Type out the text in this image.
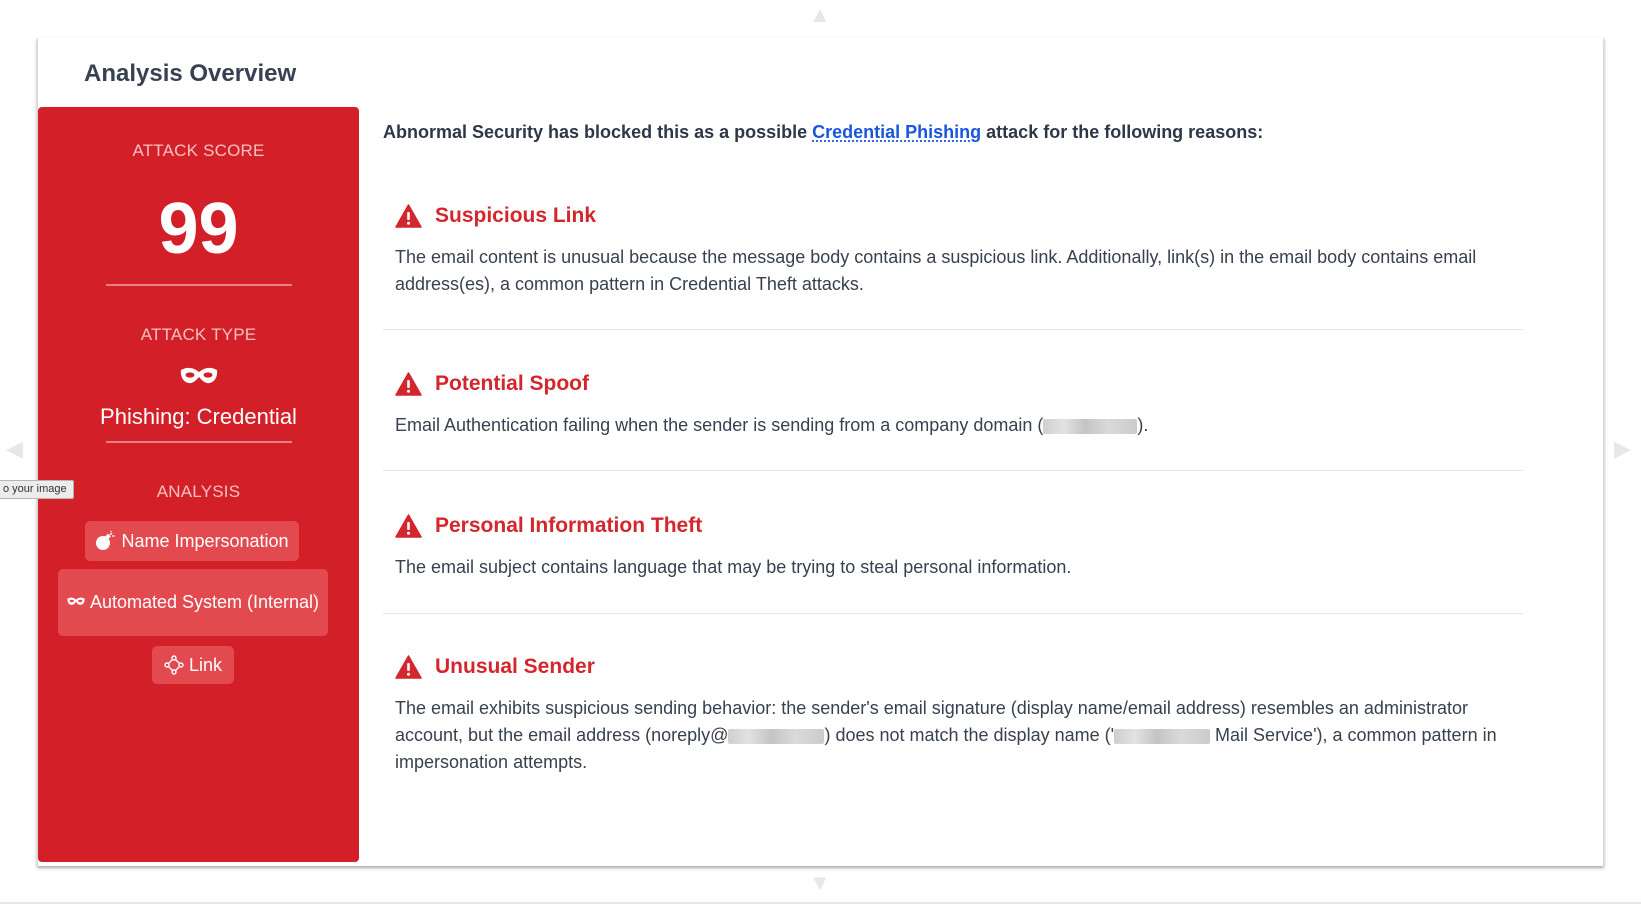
▲
◀	▶
▼
Analysis Overview
ATTACK SCORE
99
ATTACK TYPE
Phishing: Credential
ANALYSIS
Name Impersonation
Automated System (Internal)
Link
Abnormal Security has blocked this as a possible Credential Phishing attack for the following reasons:
Suspicious Link
The email content is unusual because the message body contains a suspicious link. Additionally, link(s) in the email body contains email address(es), a common pattern in Credential Theft attacks.
Potential Spoof
Email Authentication failing when the sender is sending from a company domain (	).
Personal Information Theft
The email subject contains language that may be trying to steal personal information.
Unusual Sender
The email exhibits suspicious sending behavior: the sender's email signature (display name/email address) resembles an administrator account, but the email address (noreply@	) does not match the display name ('	Mail Service'), a common pattern in impersonation attempts.
o your image
